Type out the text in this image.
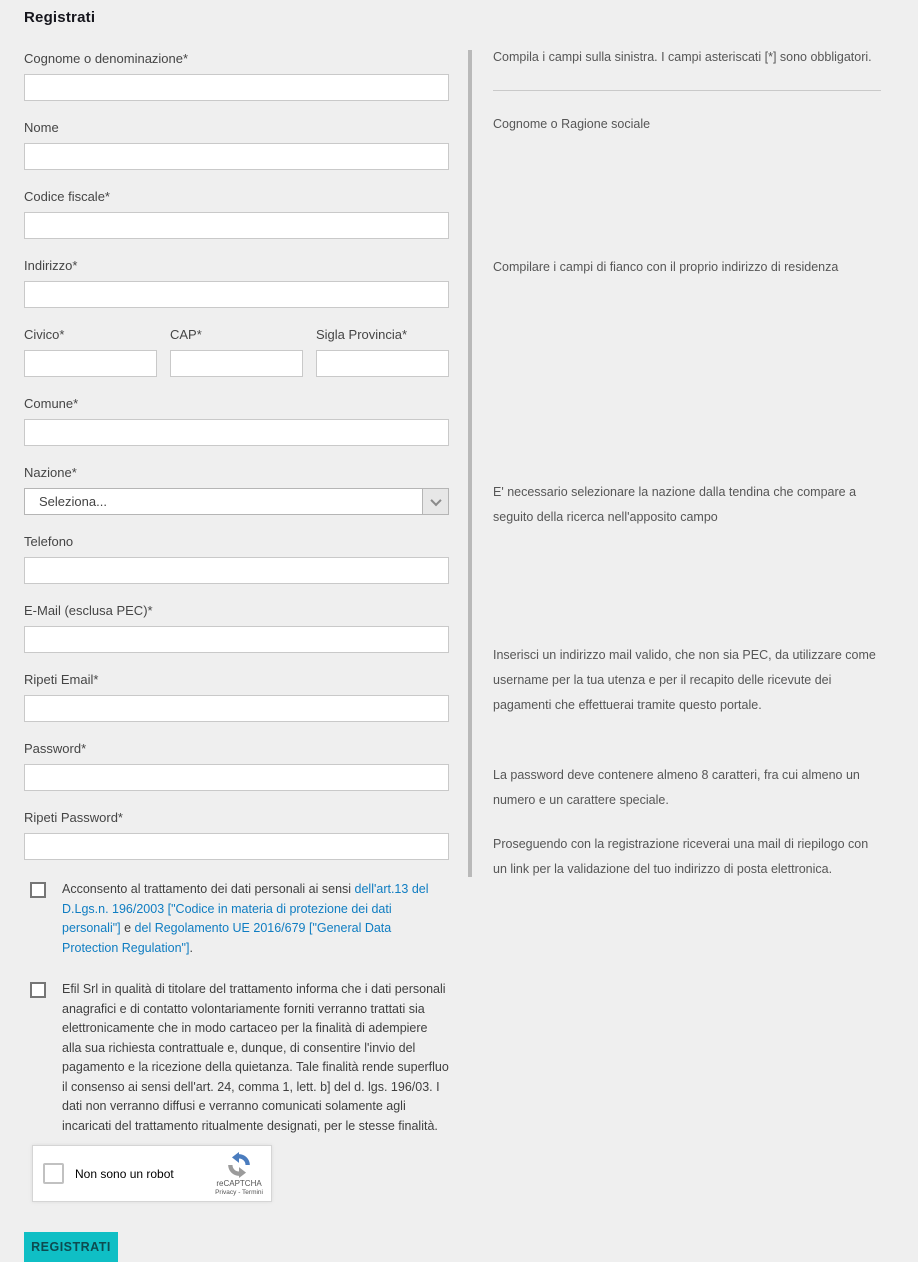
Registrati
Cognome o denominazione*
Nome
Codice fiscale*
Indirizzo*
Civico*	CAP*	Sigla Provincia*
Comune*
Nazione*
Seleziona...
Telefono
E-Mail (esclusa PEC)*
Ripeti Email*
Password*
Ripeti Password*
Acconsento al trattamento dei dati personali ai sensi dell'art.13 del D.Lgs.n. 196/2003 ["Codice in materia di protezione dei dati personali"] e del Regolamento UE 2016/679 ["General Data Protection Regulation"].
Efil Srl in qualità di titolare del trattamento informa che i dati personali anagrafici e di contatto volontariamente forniti verranno trattati sia elettronicamente che in modo cartaceo per la finalità di adempiere alla sua richiesta contrattuale e, dunque, di consentire l'invio del pagamento e la ricezione della quietanza. Tale finalità rende superfluo il consenso ai sensi dell'art. 24, comma 1, lett. b] del d. lgs. 196/03. I dati non verranno diffusi e verranno comunicati solamente agli incaricati del trattamento ritualmente designati, per le stesse finalità.
Non sono un robot
reCAPTCHA
Privacy - Termini
REGISTRATI

Compila i campi sulla sinistra. I campi asteriscati [*] sono obbligatori.

Cognome o Ragione sociale

Compilare i campi di fianco con il proprio indirizzo di residenza

E' necessario selezionare la nazione dalla tendina che compare a seguito della ricerca nell'apposito campo

Inserisci un indirizzo mail valido, che non sia PEC, da utilizzare come username per la tua utenza e per il recapito delle ricevute dei pagamenti che effettuerai tramite questo portale.

La password deve contenere almeno 8 caratteri, fra cui almeno un numero e un carattere speciale.

Proseguendo con la registrazione riceverai una mail di riepilogo con un link per la validazione del tuo indirizzo di posta elettronica.
